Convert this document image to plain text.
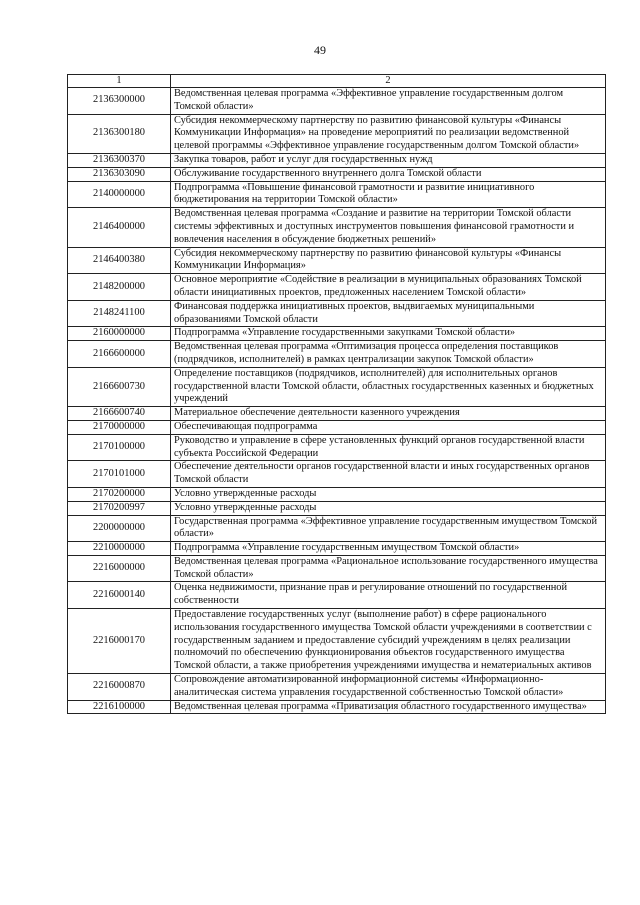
49
1	2
2136300000	Ведомственная целевая программа «Эффективное управление государственным долгом Томской области»
2136300180	Субсидия некоммерческому партнерству по развитию финансовой культуры «Финансы Коммуникации Информация» на проведение мероприятий по реализации ведомственной целевой программы «Эффективное управление государственным долгом Томской области»
2136300370	Закупка товаров, работ и услуг для государственных нужд
2136303090	Обслуживание государственного внутреннего долга Томской области
2140000000	Подпрограмма «Повышение финансовой грамотности и развитие инициативного бюджетирования на территории Томской области»
2146400000	Ведомственная целевая программа «Создание и развитие на территории Томской области системы эффективных и доступных инструментов повышения финансовой грамотности и вовлечения населения в обсуждение бюджетных решений»
2146400380	Субсидия некоммерческому партнерству по развитию финансовой культуры «Финансы Коммуникации Информация»
2148200000	Основное мероприятие «Содействие в реализации в муниципальных образованиях Томской области инициативных проектов, предложенных населением Томской области»
2148241100	Финансовая поддержка инициативных проектов, выдвигаемых муниципальными образованиями Томской области
2160000000	Подпрограмма «Управление государственными закупками Томской области»
2166600000	Ведомственная целевая программа «Оптимизация процесса определения поставщиков (подрядчиков, исполнителей) в рамках централизации закупок Томской области»
2166600730	Определение поставщиков (подрядчиков, исполнителей) для исполнительных органов государственной власти Томской области, областных государственных казенных и бюджетных учреждений
2166600740	Материальное обеспечение деятельности казенного учреждения
2170000000	Обеспечивающая подпрограмма
2170100000	Руководство и управление в сфере установленных функций органов государственной власти субъекта Российской Федерации
2170101000	Обеспечение деятельности органов государственной власти и иных государственных органов Томской области
2170200000	Условно утвержденные расходы
2170200997	Условно утвержденные расходы
2200000000	Государственная программа «Эффективное управление государственным имуществом Томской области»
2210000000	Подпрограмма «Управление государственным имуществом Томской области»
2216000000	Ведомственная целевая программа «Рациональное использование государственного имущества Томской области»
2216000140	Оценка недвижимости, признание прав и регулирование отношений по государственной собственности
2216000170	Предоставление государственных услуг (выполнение работ) в сфере рационального использования государственного имущества Томской области учреждениями в соответствии с государственным заданием и предоставление субсидий учреждениям в целях реализации полномочий по обеспечению функционирования объектов государственного имущества Томской области, а также приобретения учреждениями имущества и нематериальных активов
2216000870	Сопровождение автоматизированной информационной системы «Информационно-аналитическая система управления государственной собственностью Томской области»
2216100000	Ведомственная целевая программа «Приватизация областного государственного имущества»
